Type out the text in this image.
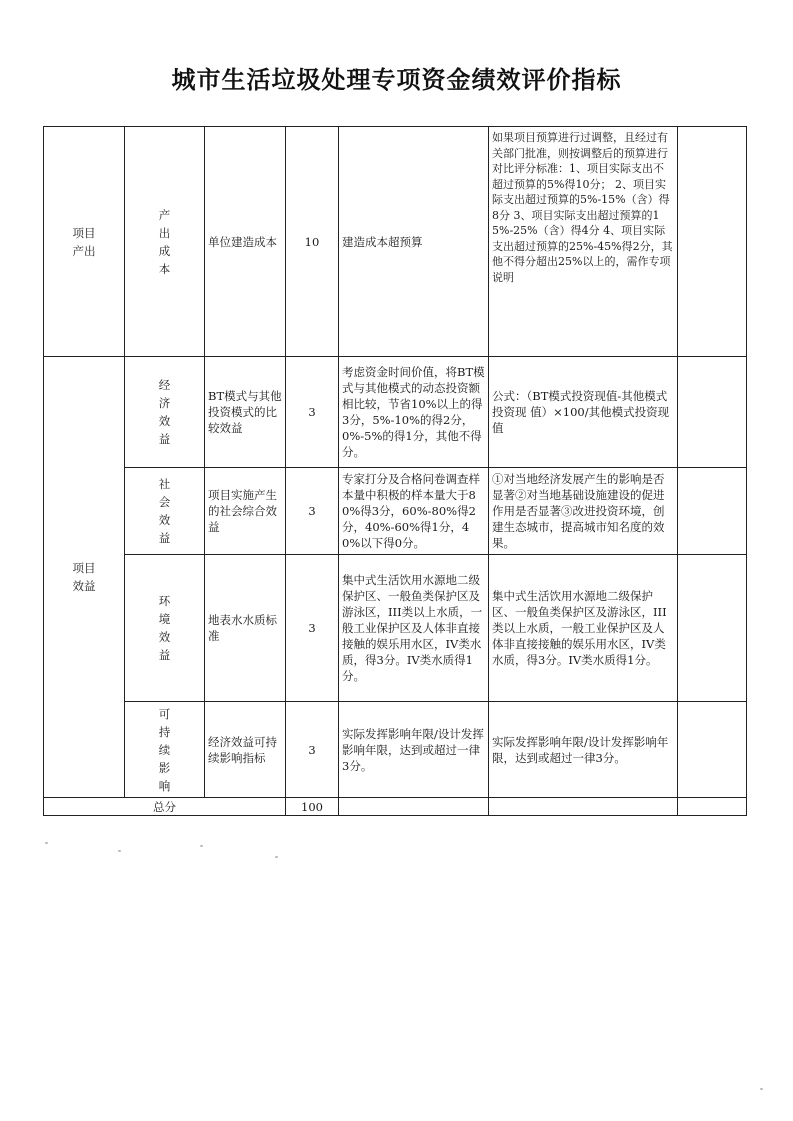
城市生活垃圾处理专项资金绩效评价指标
项目产出	产出成本	单位建造成本	10	建造成本超预算	如果项目预算进行过调整，且经过有关部门批准，则按调整后的预算进行对比评分标准：1、项目实际支出不超过预算的5%得10分； 2、项目实际支出超过预算的5%-15%（含）得8分 3、项目实际支出超过预算的15%-25%（含）得4分 4、项目实际支出超过预算的25%-45%得2分，其他不得分超出25%以上的，需作专项说明	
项目效益	经济效益	BT模式与其他投资模式的比较效益	3	考虑资金时间价值，将BT模式与其他模式的动态投资额相比较，节省10%以上的得3分，5%-10%的得2分，0%-5%的得1分，其他不得分。	公式：（BT模式投资现值-其他模式投资现 值）×100/其他模式投资现值	
	社会效益	项目实施产生的社会综合效益	3	专家打分及合格问卷调查样本量中积极的样本量大于80%得3分，60%-80%得2分，40%-60%得1分，40%以下得0分。	①对当地经济发展产生的影响是否显著②对当地基础设施建设的促进作用是否显著③改进投资环境，创建生态城市，提高城市知名度的效果。	
	环境效益	地表水水质标准	3	集中式生活饮用水源地二级保护区、一般鱼类保护区及游泳区，III类以上水质，一般工业保护区及人体非直接接触的娱乐用水区，IV类水质，得3分。IV类水质得1分。	集中式生活饮用水源地二级保护区、一般鱼类保护区及游泳区，III类以上水质，一般工业保护区及人体非直接接触的娱乐用水区，IV类水质，得3分。IV类水质得1分。	
	可持续影响	经济效益可持续影响指标	3	实际发挥影响年限/设计发挥影响年限，达到或超过一律3分。	实际发挥影响年限/设计发挥影响年限，达到或超过一律3分。	
总分			100			
